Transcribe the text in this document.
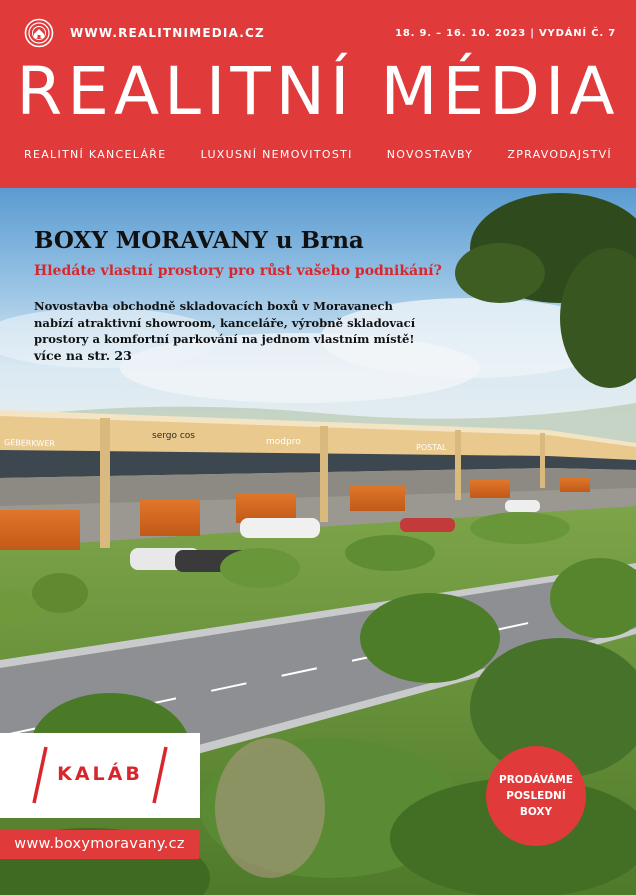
WWW.REALITNIMEDIA.CZ	18. 9. – 16. 10. 2023 | VYDÁNÍ Č. 7
REALITNÍ MÉDIA
REALITNÍ KANCELÁŘE	LUXUSNÍ NEMOVITOSTI	NOVOSTAVBY	ZPRAVODAJSTVÍ
GEBERKWER
sergo cos
modpro
POSTAL
BOXY MORAVANY u Brna
Hledáte vlastní prostory pro růst vašeho podnikání?
Novostavba obchodně skladovacích boxů v Moravanech nabízí atraktivní showroom, kanceláře, výrobně skladovací prostory a komfortní parkování na jednom vlastním místě!
více na str. 23
KALÁB
www.boxymoravany.cz
PRODÁVÁME
POSLEDNÍ
BOXY
